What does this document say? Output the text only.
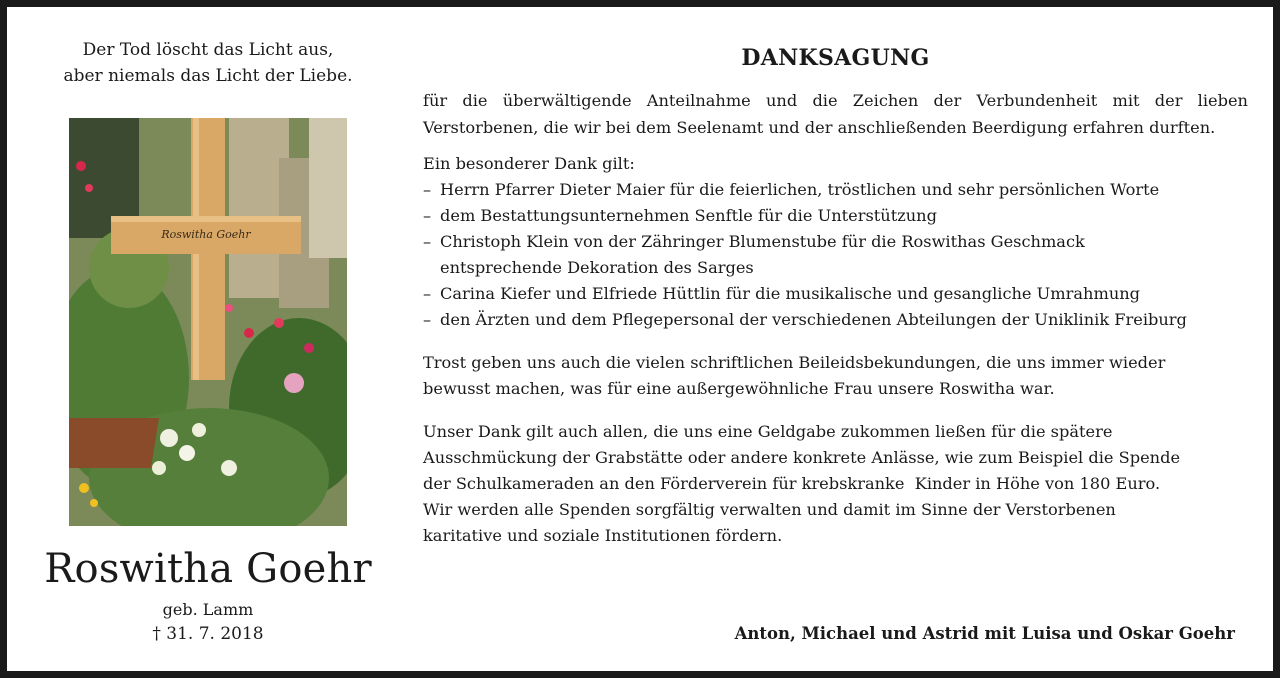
Der Tod löscht das Licht aus,

aber niemals das Licht der Liebe.

Roswitha Goehr
Roswitha Goehr
geb. Lamm
† 31. 7. 2018
DANKSAGUNG

für die überwältigende Anteilnahme und die Zeichen der Verbundenheit mit der lieben

Verstorbenen, die wir bei dem Seelenamt und der anschließenden Beerdigung erfahren durften.

Ein besonderer Dank gilt:

– Herrn Pfarrer Dieter Maier für die feierlichen, tröstlichen und sehr persönlichen Worte
– dem Bestattungsunternehmen Senftle für die Unterstützung
– Christoph Klein von der Zähringer Blumenstube für die Roswithas Geschmack
entsprechende Dekoration des Sarges
– Carina Kiefer und Elfriede Hüttlin für die musikalische und gesangliche Umrahmung
– den Ärzten und dem Pflegepersonal der verschiedenen Abteilungen der Uniklinik Freiburg

Trost geben uns auch die vielen schriftlichen Beileidsbekundungen, die uns immer wieder

bewusst machen, was für eine außergewöhnliche Frau unsere Roswitha war.

Unser Dank gilt auch allen, die uns eine Geldgabe zukommen ließen für die spätere

Ausschmückung der Grabstätte oder andere konkrete Anlässe, wie zum Beispiel die Spende

der Schulkameraden an den Förderverein für krebskranke  Kinder in Höhe von 180 Euro.

Wir werden alle Spenden sorgfältig verwalten und damit im Sinne der Verstorbenen

karitative und soziale Institutionen fördern.

Anton, Michael und Astrid mit Luisa und Oskar Goehr
